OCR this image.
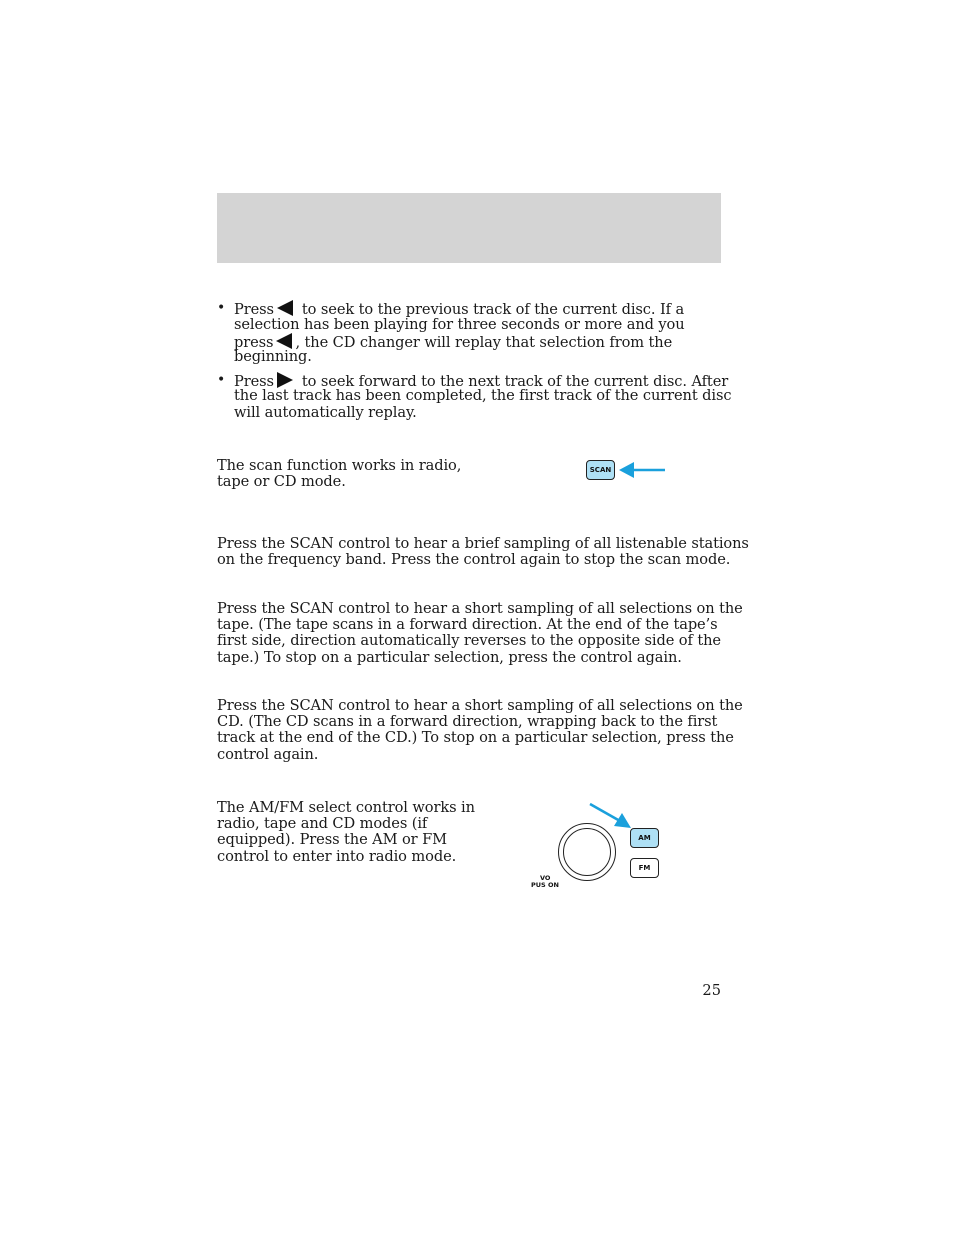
• Press to seek to the previous track of the current disc. If a

selection has been playing for three seconds or more and you

press , the CD changer will replay that selection from the

beginning.

• Press to seek forward to the next track of the current disc. After

the last track has been completed, the first track of the current disc

will automatically replay.

The scan function works in radio,

tape or CD mode.

SCAN

Press the SCAN control to hear a brief sampling of all listenable stations

on the frequency band. Press the control again to stop the scan mode.

Press the SCAN control to hear a short sampling of all selections on the

tape. (The tape scans in a forward direction. At the end of the tape’s

first side, direction automatically reverses to the opposite side of the

tape.) To stop on a particular selection, press the control again.

Press the SCAN control to hear a short sampling of all selections on the

CD. (The CD scans in a forward direction, wrapping back to the first

track at the end of the CD.) To stop on a particular selection, press the

control again.

The AM/FM select control works in

radio, tape and CD modes (if

equipped). Press the AM or FM

control to enter into radio mode.

VO
PUS ON
AM
FM
25
